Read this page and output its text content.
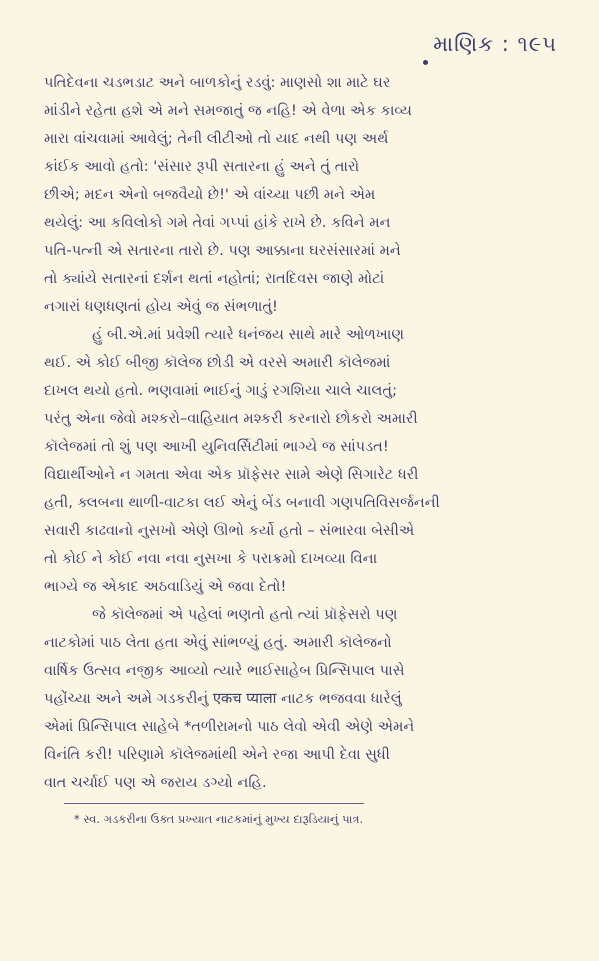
માણિક : ૧૯૫
પતિદેવના ચડભડાટ અને બાળકોનું રડવું: માણસો શા માટે ઘર
માંડીને રહેતા હશે એ મને સમજાતું જ નહિ! એ વેળા એક કાવ્ય
મારા વાંચવામાં આવેલું; તેની લીટીઓ તો યાદ નથી પણ અર્થ
કાંઈક આવો હતો: 'સંસાર રૂપી સતારના હું અને તું તારો
છીએ; મદન એનો બજવૈયો છે!' એ વાંચ્યા પછી મને એમ
થયેલું: આ કવિલોકો ગમે તેવાં ગપ્પાં હાંકે રાખે છે. કવિને મન
પતિ-પત્ની એ સતારના તારો છે. પણ આક્કાના ઘરસંસારમાં મને
તો ક્યાંયે સતારનાં દર્શન થતાં નહોતાં; રાતદિવસ જાણે મોટાં
નગારાં ધણધણતાં હોય એવું જ સંભળાતું!
હું બી.એ.માં પ્રવેશી ત્યારે ધનંજય સાથે મારે ઓળખાણ
થઈ. એ કોઈ બીજી કૉલેજ છોડી એ વરસે અમારી કૉલેજમાં
દાખલ થયો હતો. ભણવામાં ભાઈનું ગાડું રગશિયા ચાલે ચાલતું;
પરંતુ એના જેવો મશ્કરો–વાહિયાત મશ્કરી કરનારો છોકરો અમારી
કૉલેજમાં તો શું પણ આખી યુનિવર્સિટીમાં ભાગ્યે જ સાંપડત!
વિદ્યાર્થીઓને ન ગમતા એવા એક પ્રૉફેસર સામે એણે સિગારેટ ધરી
હતી, ક્લબના થાળી-વાટકા લઈ એનું બેંડ બનાવી ગણપતિવિસર્જનની
સવારી કાઢવાનો નુસખો એણે ઊભો કર્યો હતો – સંભારવા બેસીએ
તો કોઈ ને કોઈ નવા નવા નુસખા કે પરાક્રમો દાખવ્યા વિના
ભાગ્યે જ એકાદ અઠવાડિયું એ જવા દેતો!
જે કૉલેજમાં એ પહેલાં ભણતો હતો ત્યાં પ્રૉફેસરો પણ
નાટકોમાં પાઠ લેતા હતા એવું સાંભળ્યું હતું. અમારી કૉલેજનો
વાર્ષિક ઉત્સવ નજીક આવ્યો ત્યારે ભાઈસાહેબ પ્રિન્સિપાલ પાસે
પહોંચ્યા અને અમે ગડકરીનું एकच प्याला નાટક ભજવવા ધારેલું
એમાં પ્રિન્સિપાલ સાહેબે *તળીરામનો પાઠ લેવો એવી એણે એમને
વિનંતિ કરી! પરિણામે કૉલેજમાંથી એને રજા આપી દેવા સુધી
વાત ચર્ચાઈ પણ એ જરાય ડગ્યો નહિ.
* સ્વ. ગડકરીના ઉક્ત પ્રખ્યાત નાટકમાંનું મુખ્ય દારૂડિયાનું પાત્ર.
